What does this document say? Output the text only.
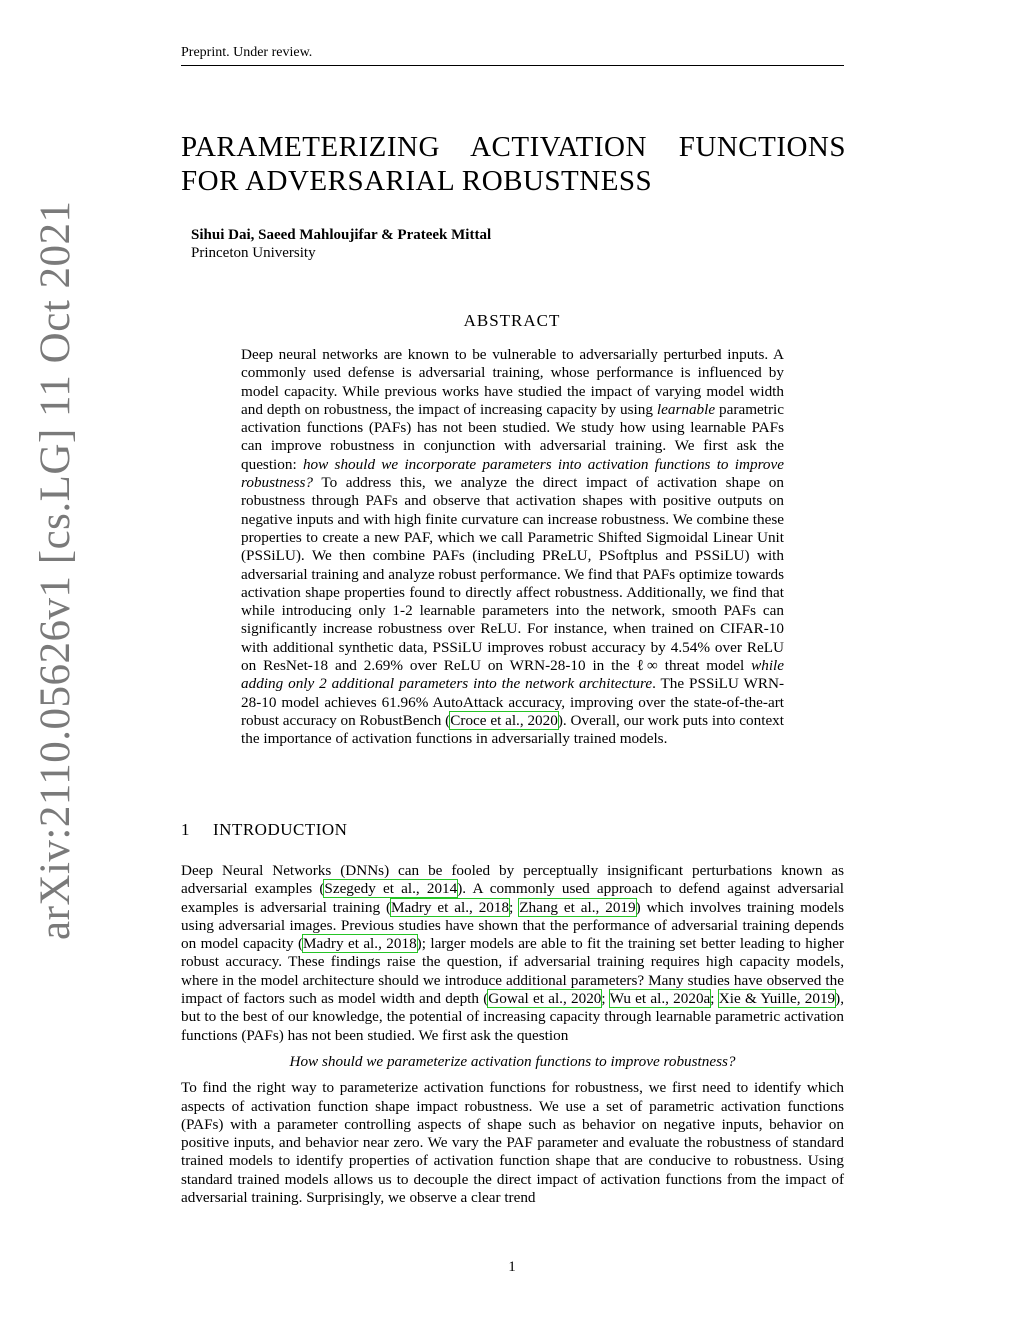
Preprint. Under review.
arXiv:2110.05626v1 [cs.LG] 11 Oct 2021
PARAMETERIZING ACTIVATION FUNCTIONS FOR ADVERSARIAL ROBUSTNESS
Sihui Dai, Saeed Mahloujifar & Prateek Mittal
Princeton University
ABSTRACT
Deep neural networks are known to be vulnerable to adversarially perturbed inputs. A commonly used defense is adversarial training, whose performance is influenced by model capacity. While previous works have studied the impact of varying model width and depth on robustness, the impact of increasing capacity by using learnable parametric activation functions (PAFs) has not been studied. We study how using learnable PAFs can improve robustness in conjunction with adversarial training. We first ask the question: how should we incorporate parameters into activation functions to improve robustness? To address this, we analyze the direct impact of activation shape on robustness through PAFs and observe that activation shapes with positive outputs on negative inputs and with high finite curvature can increase robustness. We combine these properties to create a new PAF, which we call Parametric Shifted Sigmoidal Linear Unit (PSSiLU). We then combine PAFs (including PReLU, PSoftplus and PSSiLU) with adversarial training and analyze robust performance. We find that PAFs optimize towards activation shape properties found to directly affect robustness. Additionally, we find that while introducing only 1-2 learnable parameters into the network, smooth PAFs can significantly increase robustness over ReLU. For instance, when trained on CIFAR-10 with additional synthetic data, PSSiLU improves robust accuracy by 4.54% over ReLU on ResNet-18 and 2.69% over ReLU on WRN-28-10 in the ℓ∞ threat model while adding only 2 additional parameters into the network architecture. The PSSiLU WRN-28-10 model achieves 61.96% AutoAttack accuracy, improving over the state-of-the-art robust accuracy on RobustBench (Croce et al., 2020). Overall, our work puts into context the importance of activation functions in adversarially trained models.
1 INTRODUCTION

Deep Neural Networks (DNNs) can be fooled by perceptually insignificant perturbations known as adversarial examples (Szegedy et al., 2014). A commonly used approach to defend against adversarial examples is adversarial training (Madry et al., 2018; Zhang et al., 2019) which involves training models using adversarial images. Previous studies have shown that the performance of adversarial training depends on model capacity (Madry et al., 2018); larger models are able to fit the training set better leading to higher robust accuracy. These findings raise the question, if adversarial training requires high capacity models, where in the model architecture should we introduce additional parameters? Many studies have observed the impact of factors such as model width and depth (Gowal et al., 2020; Wu et al., 2020a; Xie & Yuille, 2019), but to the best of our knowledge, the potential of increasing capacity through learnable parametric activation functions (PAFs) has not been studied. We first ask the question

How should we parameterize activation functions to improve robustness?

To find the right way to parameterize activation functions for robustness, we first need to identify which aspects of activation function shape impact robustness. We use a set of parametric activation functions (PAFs) with a parameter controlling aspects of shape such as behavior on negative inputs, behavior on positive inputs, and behavior near zero. We vary the PAF parameter and evaluate the robustness of standard trained models to identify properties of activation function shape that are conducive to robustness. Using standard trained models allows us to decouple the direct impact of activation functions from the impact of adversarial training. Surprisingly, we observe a clear trend

1
